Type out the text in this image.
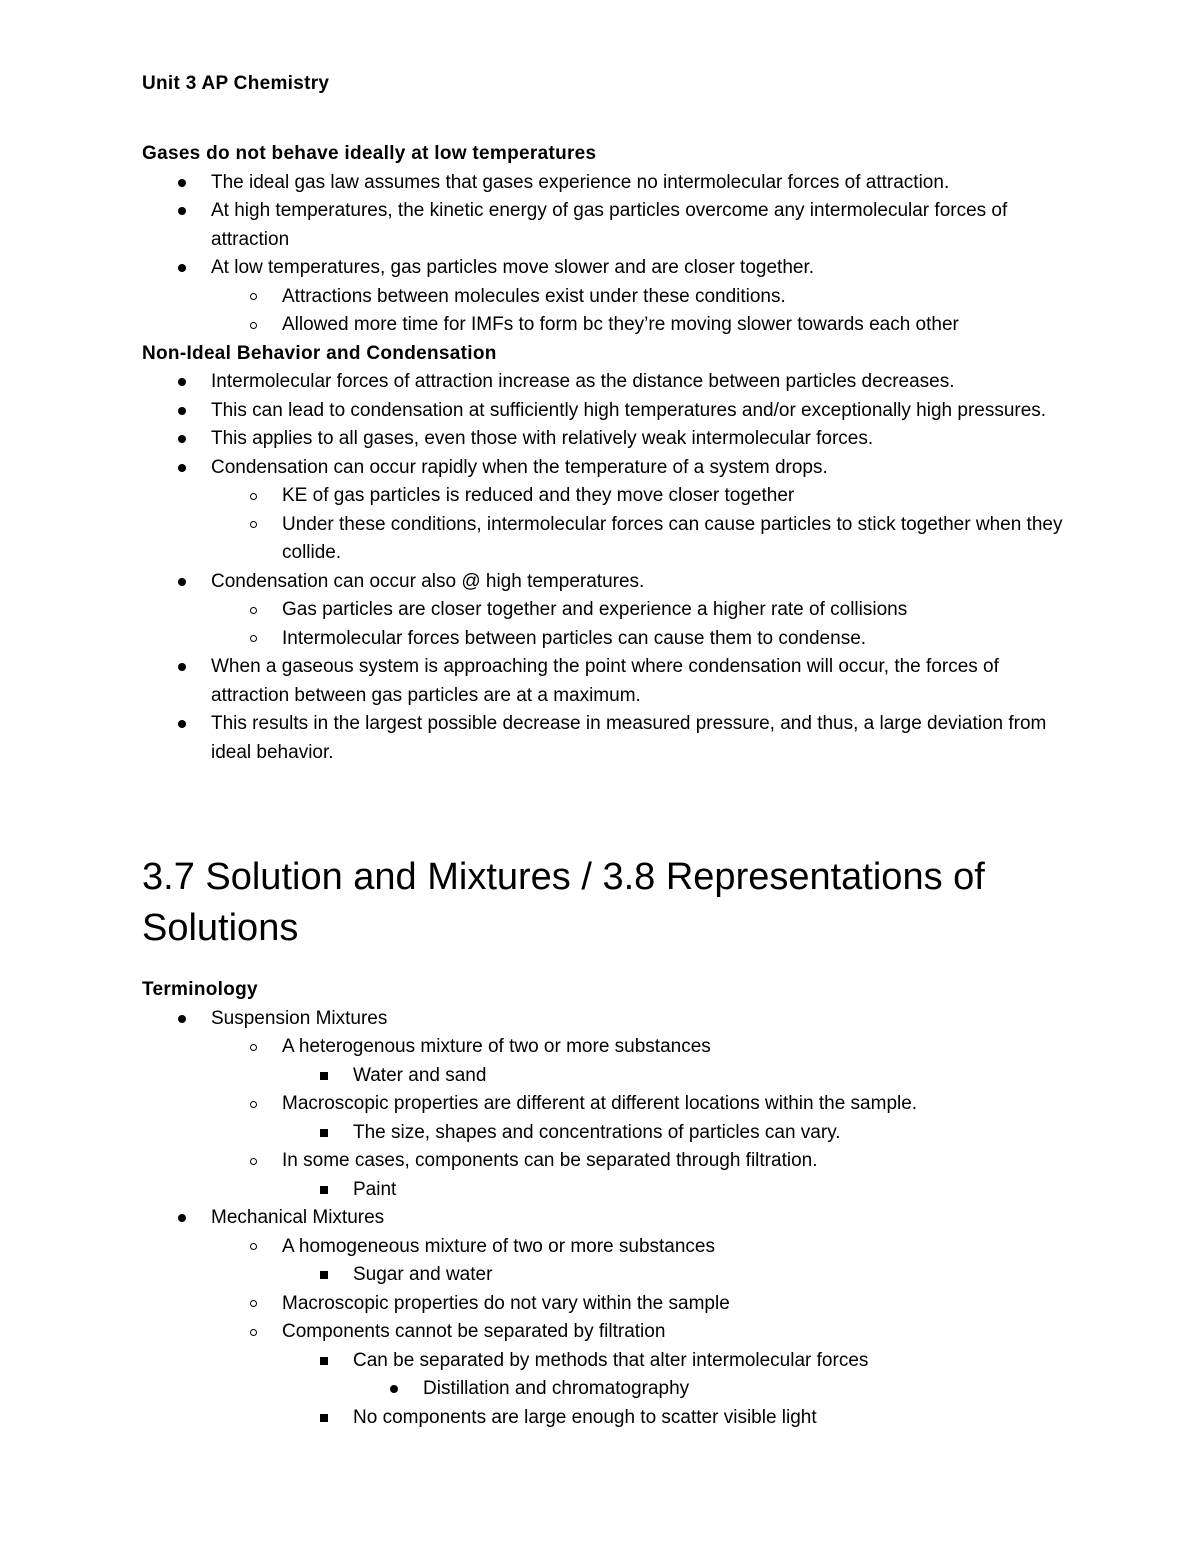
Unit 3 AP Chemistry

Gases do not behave ideally at low temperatures

The ideal gas law assumes that gases experience no intermolecular forces of attraction.
At high temperatures, the kinetic energy of gas particles overcome any intermolecular forces of attraction
At low temperatures, gas particles move slower and are closer together.
Attractions between molecules exist under these conditions.
Allowed more time for IMFs to form bc they’re moving slower towards each other

Non-Ideal Behavior and Condensation

Intermolecular forces of attraction increase as the distance between particles decreases.
This can lead to condensation at sufficiently high temperatures and/or exceptionally high pressures.
This applies to all gases, even those with relatively weak intermolecular forces.
Condensation can occur rapidly when the temperature of a system drops.
KE of gas particles is reduced and they move closer together
Under these conditions, intermolecular forces can cause particles to stick together when they collide.
Condensation can occur also @ high temperatures.
Gas particles are closer together and experience a higher rate of collisions
Intermolecular forces between particles can cause them to condense.
When a gaseous system is approaching the point where condensation will occur, the forces of attraction between gas particles are at a maximum.
This results in the largest possible decrease in measured pressure, and thus, a large deviation from ideal behavior.
3.7 Solution and Mixtures / 3.8 Representations of Solutions

Terminology

Suspension Mixtures
A heterogenous mixture of two or more substances
Water and sand
Macroscopic properties are different at different locations within the sample.
The size, shapes and concentrations of particles can vary.
In some cases, components can be separated through filtration.
Paint
Mechanical Mixtures
A homogeneous mixture of two or more substances
Sugar and water
Macroscopic properties do not vary within the sample
Components cannot be separated by filtration
Can be separated by methods that alter intermolecular forces
Distillation and chromatography
No components are large enough to scatter visible light
